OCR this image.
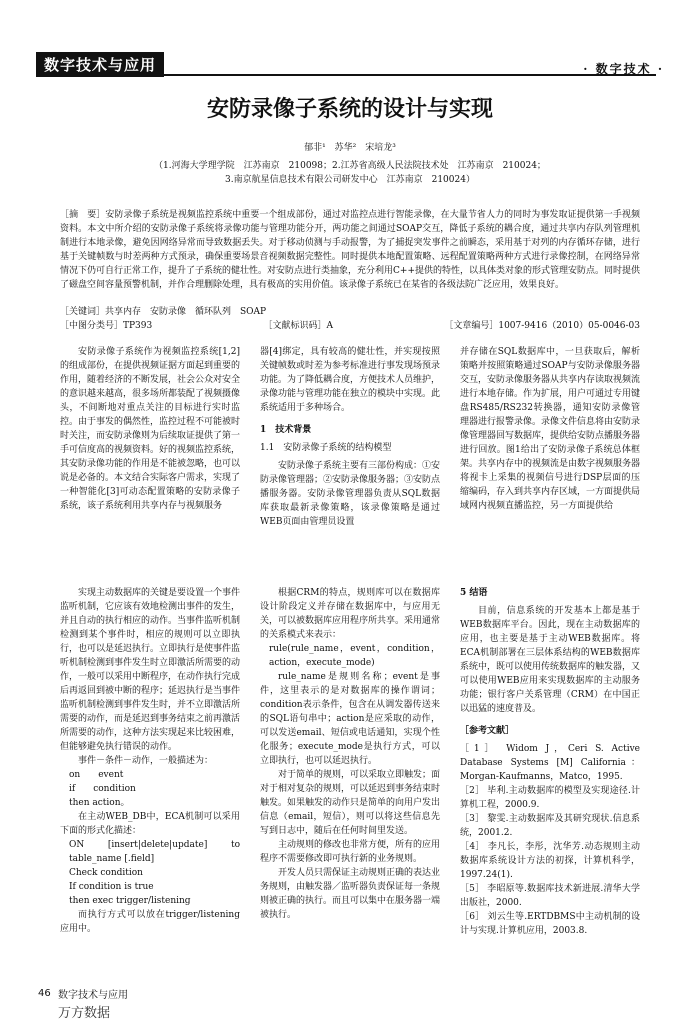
数字技术与应用	· 数字技术 ·
安防录像子系统的设计与实现
郁非¹　苏华²　宋培龙³
（1.河海大学理学院　江苏南京　210098；2.江苏省高级人民法院技术处　江苏南京　210024；
3.南京航星信息技术有限公司研发中心　江苏南京　210024）
［摘　要］安防录像子系统是视频监控系统中重要一个组成部份，通过对监控点进行智能录像，在大量节省人力的同时为事发取证提供第一手视频资料。本文中所介绍的安防录像子系统将录像功能与管理功能分开，两功能之间通过SOAP交互，降低子系统的耦合度，通过共享内存队列管理机制进行本地录像，避免因网络异常而导致数据丢失。对于移动侦测与手动报警，为了捕捉突发事件之前瞬态，采用基于对列的内存循环存储，进行基于关键帧数与时差两种方式预录，确保重要场景音视频数据完整性。同时提供本地配置策略、远程配置策略两种方式进行录像控制，在网络异常情况下仍可自行正常工作，提升了子系统的健壮性。对安防点进行类抽象，充分利用C++提供的特性，以具体类对象的形式管理安防点。同时提供了磁盘空间容量预警机制，并作合理删除处理，具有极高的实用价值。该录像子系统已在某省的各级法院广泛应用，效果良好。
［关键词］共享内存　安防录像　循环队列　SOAP
［中图分类号］TP393	［文献标识码］A	［文章编号］1007-9416（2010）05-0046-03

安防录像子系统作为视频监控系统[1,2]的组成部份，在提供视频证据方面起到重要的作用，随着经济的不断发展，社会公众对安全的意识越来越高，很多场所都装配了视频摄像头，不间断地对重点关注的目标进行实时监控。由于事发的偶然性，监控过程不可能被时时关注，而安防录像则为后续取证提供了第一手可信度高的视频资料。好的视频监控系统，其安防录像功能的作用是不能被忽略，也可以说是必备的。本文结合实际客户需求，实现了一种智能化[3]可动态配置策略的安防录像子系统，该子系统利用共享内存与视频服务

器[4]绑定，具有较高的健壮性，并实现按照关键帧数或时差为参考标准进行事发现场预录功能。为了降低耦合度，方便技术人员维护，录像功能与管理功能在独立的模块中实现。此系统适用于多种场合。

1　技术背景
1.1　安防录像子系统的结构模型

安防录像子系统主要有三部份构成：①安防录像管理器；②安防录像服务器；③安防点播服务器。安防录像管理器负责从SQL数据库获取最新录像策略，该录像策略是通过WEB页面由管理员设置

并存储在SQL数据库中，一旦获取后，解析策略并按照策略通过SOAP与安防录像服务器交互，安防录像服务器从共享内存读取视频流进行本地存储。作为扩展，用户可通过专用键盘RS485/RS232转换器，通知安防录像管理器进行报警录像。录像文件信息将由安防录像管理器回写数据库，提供给安防点播服务器进行回放。图1给出了安防录像子系统总体框架。共享内存中的视频流是由数字视频服务器将视卡上采集的视频信号进行DSP层面的压缩编码，存入到共享内存区域，一方面提供局域网内视频直播监控，另一方面提供给

实现主动数据库的关键是要设置一个事件监听机制，它应该有效地检测出事件的发生，并且自动的执行相应的动作。当事件监听机制检测到某个事件时，相应的规则可以立即执行，也可以是延迟执行。立即执行是使事件监听机制检测到事件发生时立即激活所需要的动作，一般可以采用中断程序，在动作执行完成后再返回到被中断的程序；延迟执行是当事件监听机制检测到事件发生时，并不立即激活所需要的动作，而是延迟到事务结束之前再激活所需要的动作，这种方法实现起来比较困难，但能够避免执行错误的动作。

事件－条件－动作，一般描述为：

on　　event

if　　condition

then action。

在主动WEB_DB中，ECA机制可以采用下面的形式化描述：

ON [insert|delete|update] to table_name [.field]

Check condition

If condition is true

then exec trigger/listening

而执行方式可以放在trigger/listening应用中。

根据CRM的特点，规则库可以在数据库设计阶段定义并存储在数据库中，与应用无关，可以被数据库应用程序所共享。采用通常的关系模式来表示：

rule(rule_name，event，condition，action，execute_mode)

rule_name是规则名称；event是事件，这里表示的是对数据库的操作谓词；condition表示条件，包含在从调发器传送来的SQL语句串中；action是应采取的动作，可以发送email、短信或电话通知，实现个性化服务；execute_mode是执行方式，可以立即执行，也可以延迟执行。

对于简单的规则，可以采取立即触发；面对于相对复杂的规则，可以延迟到事务结束时触发。如果触发的动作只是简单的向用户发出信息（email，短信），则可以将这些信息先写到日志中，随后在任何时间里发送。

主动规则的修改也非常方便，所有的应用程序不需要修改即可执行新的业务规则。

开发人员只需保证主动规则正确的表达业务规则，由触发器／监听器负责保证每一条规则被正确的执行。而且可以集中在服务器一端被执行。

5 结语

目前，信息系统的开发基本上都是基于WEB数据库平台。因此，现在主动数据库的应用，也主要是基于主动WEB数据库。将ECA机制部署在三层体系结构的WEB数据库系统中，既可以使用传统数据库的触发器，又可以使用WEB应用来实现数据库的主动服务功能；银行客户关系管理（CRM）在中国正以迅猛的速度普及。

［参考文献］

［1］ Widom J，Ceri S. Active Database Systems [M] California：Morgan-Kaufmanns，Matco，1995.

［2］ 毕利.主动数据库的模型及实现途径.计算机工程，2000.9.

［3］ 黎雯.主动数据库及其研究现状.信息系统，2001.2.

［4］ 李凡长，李彤，沈华芳.动态规则主动数据库系统设计方法的初探，计算机科学，1997.24(1).

［5］ 李昭原等.数据库技术新进展.清华大学出版社，2000.

［6］ 刘云生等.ERTDBMS中主动机制的设计与实现.计算机应用，2003.8.

46 数字技术与应用
万方数据
